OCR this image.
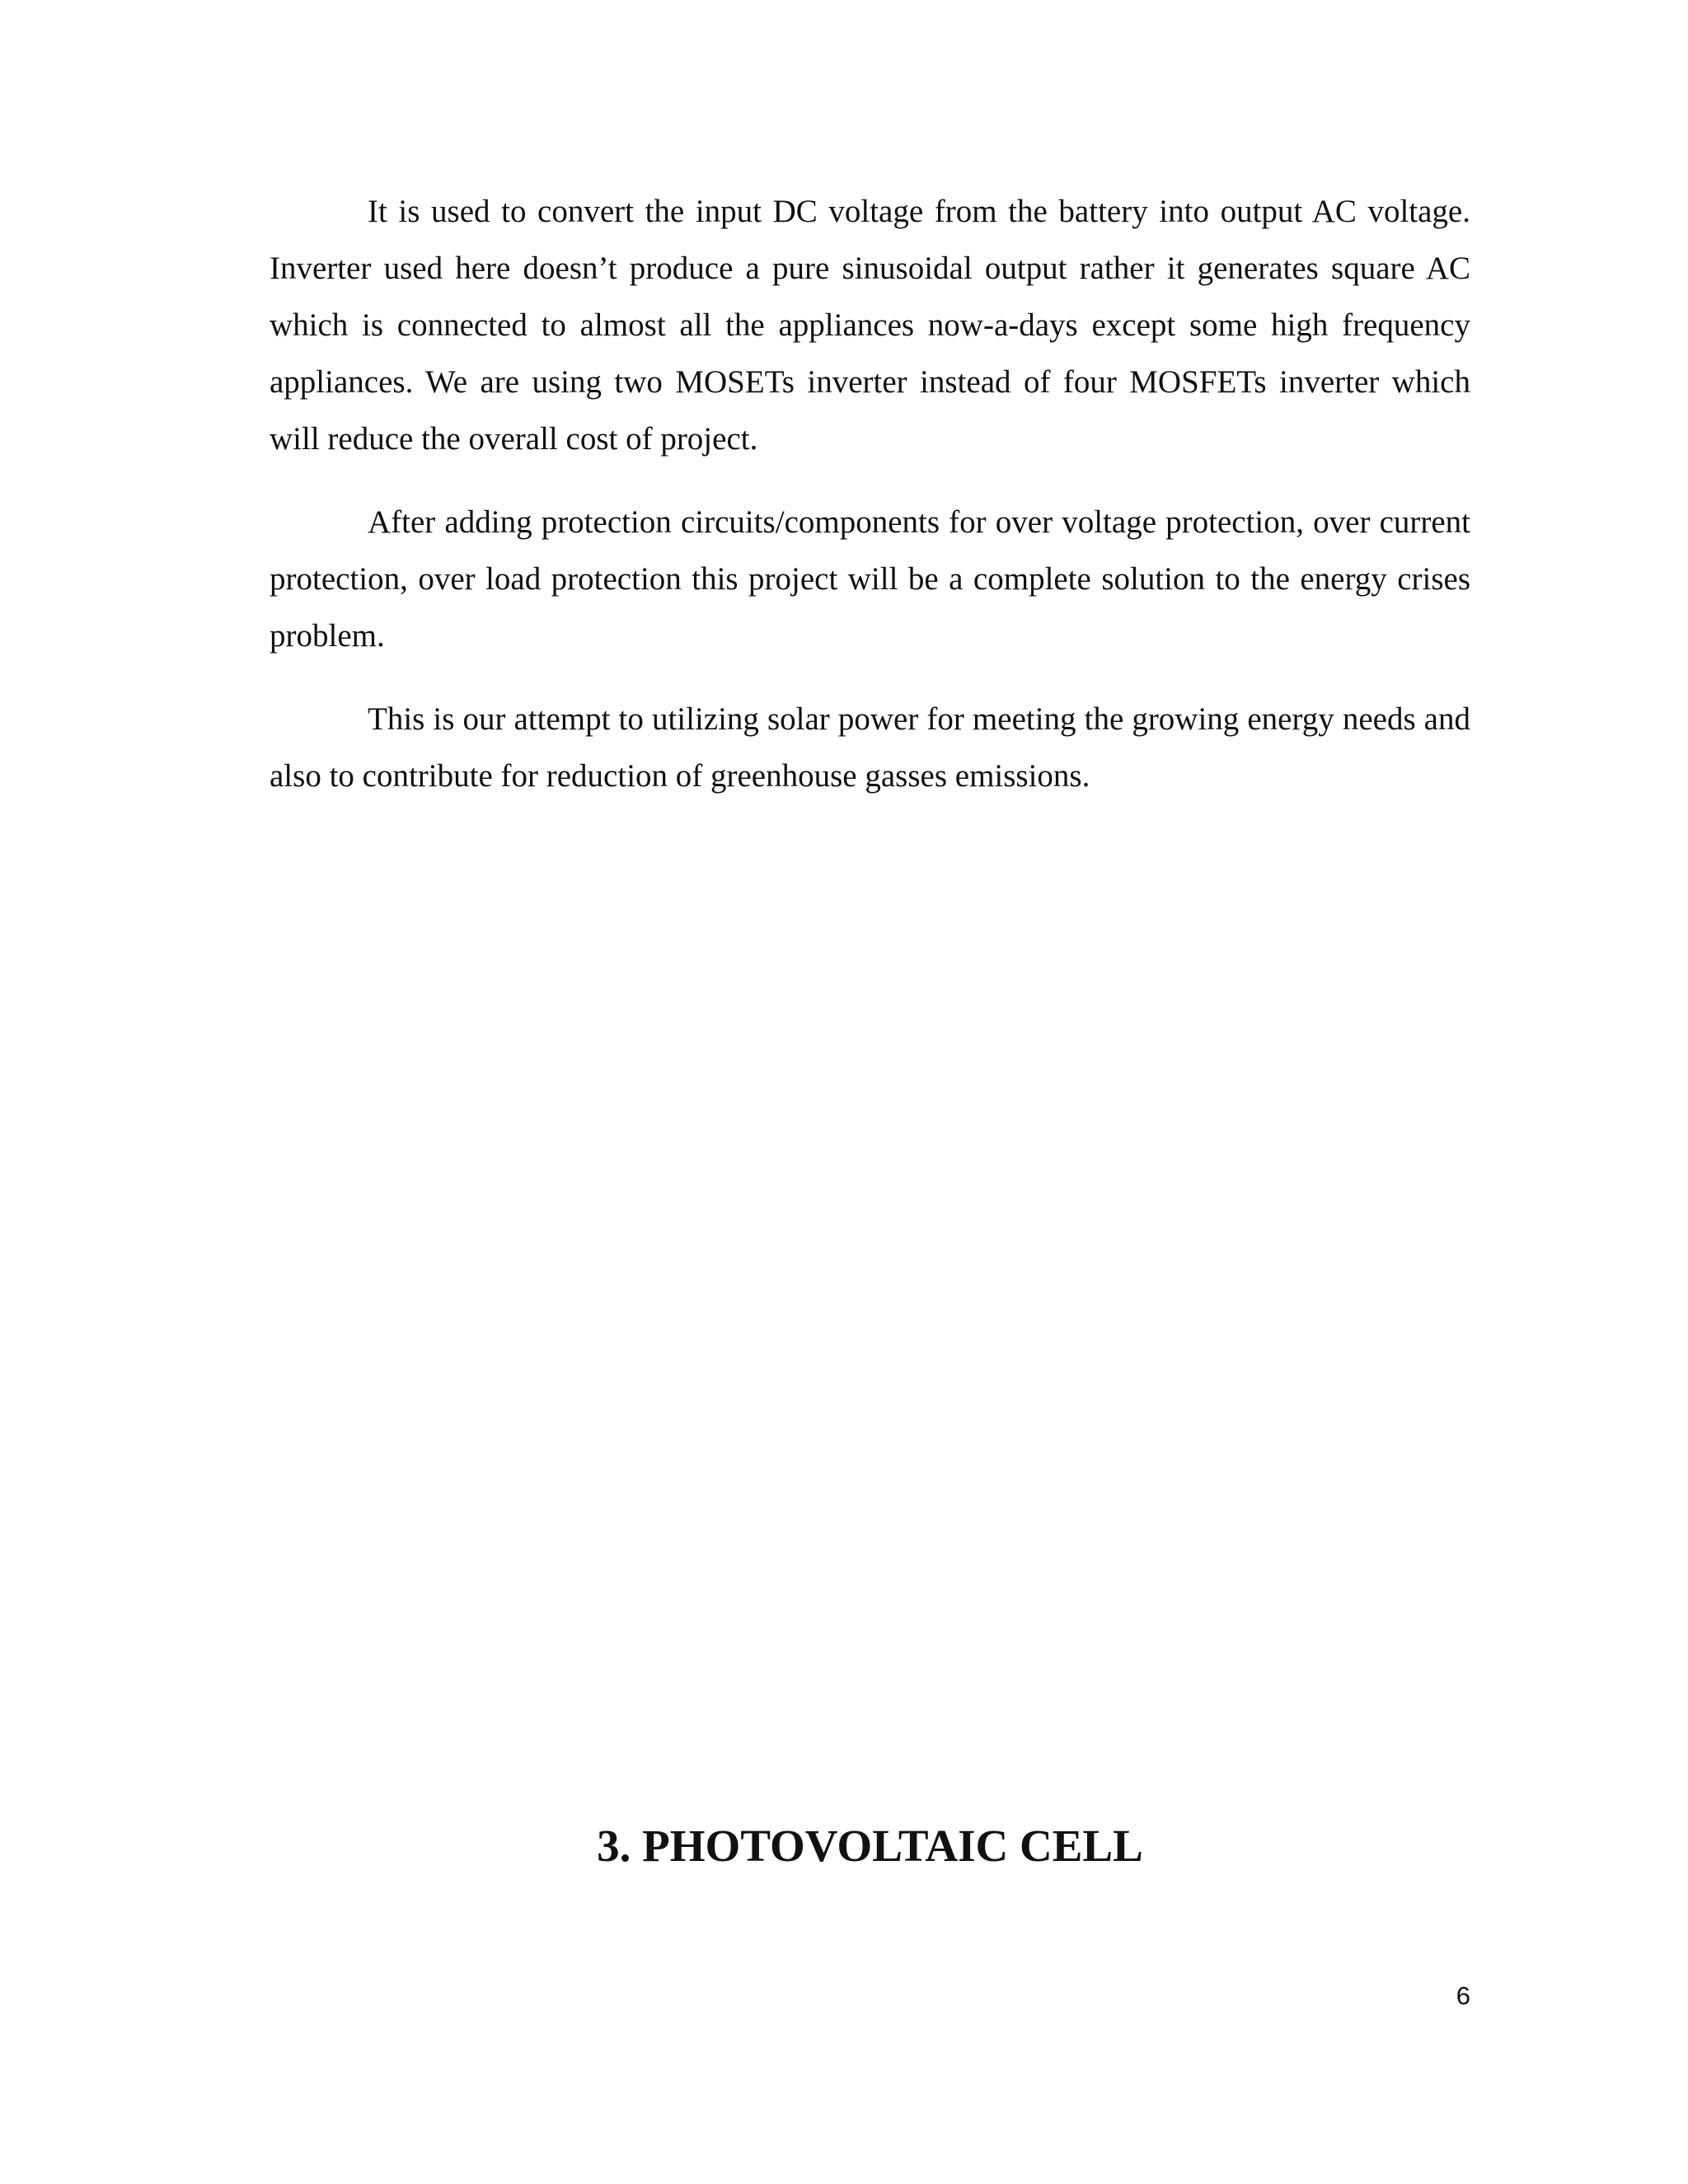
It is used to convert the input DC voltage from the battery into output AC voltage. Inverter used here doesn’t produce a pure sinusoidal output rather it generates square AC which is connected to almost all the appliances now-a-days except some high frequency appliances. We are using two MOSETs inverter instead of four MOSFETs inverter which will reduce the overall cost of project.

After adding protection circuits/components for over voltage protection, over current protection, over load protection this project will be a complete solution to the energy crises problem.

This is our attempt to utilizing solar power for meeting the growing energy needs and also to contribute for reduction of greenhouse gasses emissions.

3. PHOTOVOLTAIC CELL
6
